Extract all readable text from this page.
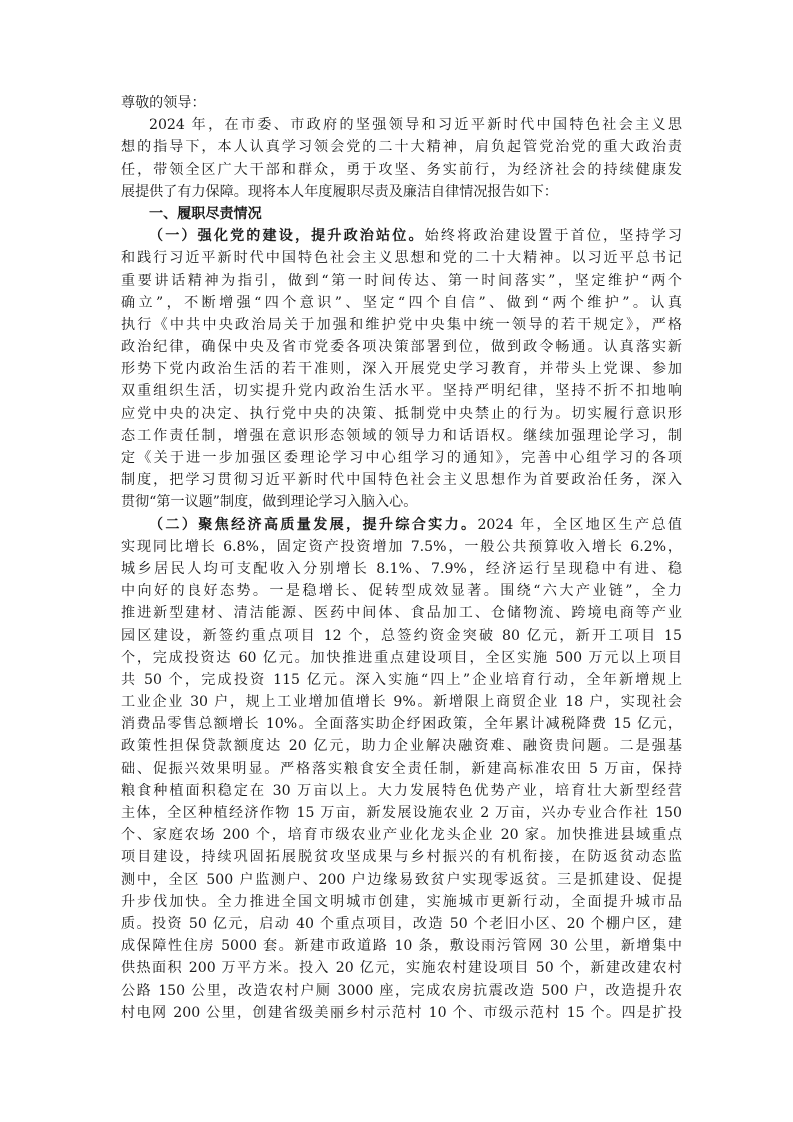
尊敬的领导：
2024 年，在市委、市政府的坚强领导和习近平新时代中国特色社会主义思
想的指导下，本人认真学习领会党的二十大精神，肩负起管党治党的重大政治责
任，带领全区广大干部和群众，勇于攻坚、务实前行，为经济社会的持续健康发
展提供了有力保障。现将本人年度履职尽责及廉洁自律情况报告如下：
一、履职尽责情况
（一）强化党的建设，提升政治站位。始终将政治建设置于首位，坚持学习
和践行习近平新时代中国特色社会主义思想和党的二十大精神。以习近平总书记
重要讲话精神为指引，做到“第一时间传达、第一时间落实”，坚定维护“两个
确立”，不断增强“四个意识”、坚定“四个自信”、做到“两个维护”。认真
执行《中共中央政治局关于加强和维护党中央集中统一领导的若干规定》，严格
政治纪律，确保中央及省市党委各项决策部署到位，做到政令畅通。认真落实新
形势下党内政治生活的若干准则，深入开展党史学习教育，并带头上党课、参加
双重组织生活，切实提升党内政治生活水平。坚持严明纪律，坚持不折不扣地响
应党中央的决定、执行党中央的决策、抵制党中央禁止的行为。切实履行意识形
态工作责任制，增强在意识形态领域的领导力和话语权。继续加强理论学习，制
定《关于进一步加强区委理论学习中心组学习的通知》，完善中心组学习的各项
制度，把学习贯彻习近平新时代中国特色社会主义思想作为首要政治任务，深入
贯彻“第一议题”制度，做到理论学习入脑入心。
（二）聚焦经济高质量发展，提升综合实力。2024 年，全区地区生产总值
实现同比增长 6.8%，固定资产投资增加 7.5%，一般公共预算收入增长 6.2%，
城乡居民人均可支配收入分别增长 8.1%、7.9%，经济运行呈现稳中有进、稳
中向好的良好态势。一是稳增长、促转型成效显著。围绕“六大产业链”，全力
推进新型建材、清洁能源、医药中间体、食品加工、仓储物流、跨境电商等产业
园区建设，新签约重点项目 12 个，总签约资金突破 80 亿元，新开工项目 15
个，完成投资达 60 亿元。加快推进重点建设项目，全区实施 500 万元以上项目
共 50 个，完成投资 115 亿元。深入实施“四上”企业培育行动，全年新增规上
工业企业 30 户，规上工业增加值增长 9%。新增限上商贸企业 18 户，实现社会
消费品零售总额增长 10%。全面落实助企纾困政策，全年累计减税降费 15 亿元，
政策性担保贷款额度达 20 亿元，助力企业解决融资难、融资贵问题。二是强基
础、促振兴效果明显。严格落实粮食安全责任制，新建高标准农田 5 万亩，保持
粮食种植面积稳定在 30 万亩以上。大力发展特色优势产业，培育壮大新型经营
主体，全区种植经济作物 15 万亩，新发展设施农业 2 万亩，兴办专业合作社 150
个、家庭农场 200 个，培育市级农业产业化龙头企业 20 家。加快推进县域重点
项目建设，持续巩固拓展脱贫攻坚成果与乡村振兴的有机衔接，在防返贫动态监
测中，全区 500 户监测户、200 户边缘易致贫户实现零返贫。三是抓建设、促提
升步伐加快。全力推进全国文明城市创建，实施城市更新行动，全面提升城市品
质。投资 50 亿元，启动 40 个重点项目，改造 50 个老旧小区、20 个棚户区，建
成保障性住房 5000 套。新建市政道路 10 条，敷设雨污管网 30 公里，新增集中
供热面积 200 万平方米。投入 20 亿元，实施农村建设项目 50 个，新建改建农村
公路 150 公里，改造农村户厕 3000 座，完成农房抗震改造 500 户，改造提升农
村电网 200 公里，创建省级美丽乡村示范村 10 个、市级示范村 15 个。四是扩投
